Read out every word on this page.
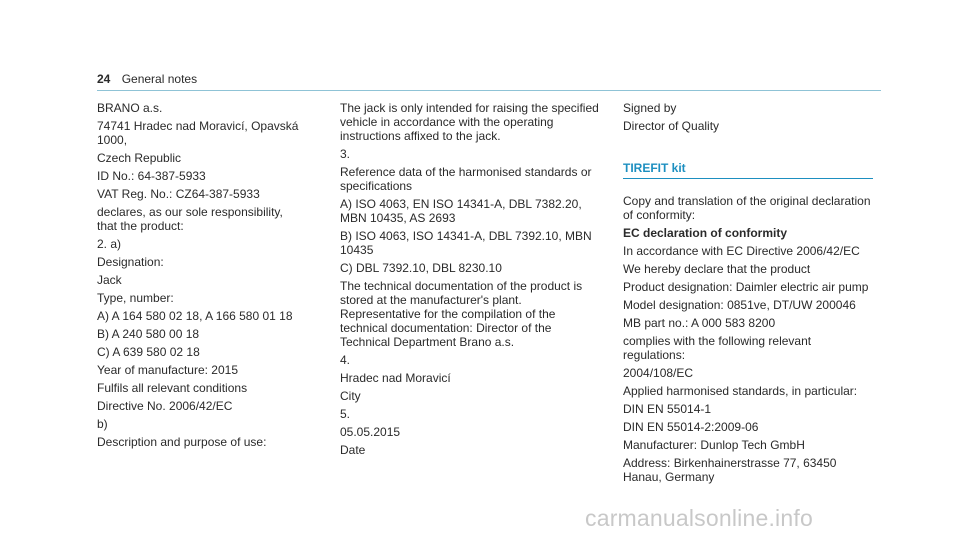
24 General notes

BRANO a.s.

74741 Hradec nad Moravicí, Opavská 1000,

Czech Republic

ID No.: 64-387-5933

VAT Reg. No.: CZ64-387-5933

declares, as our sole responsibility, that the product:

2. a)

Designation:

Jack

Type, number:

A) A 164 580 02 18, A 166 580 01 18

B) A 240 580 00 18

C) A 639 580 02 18

Year of manufacture: 2015

Fulfils all relevant conditions

Directive No. 2006/42/EC

b)

Description and purpose of use:

The jack is only intended for raising the specified vehicle in accordance with the operating instructions affixed to the jack.

3.

Reference data of the harmonised standards or specifications

A) ISO 4063, EN ISO 14341-A, DBL 7382.20, MBN 10435, AS 2693

B) ISO 4063, ISO 14341-A, DBL 7392.10, MBN 10435

C) DBL 7392.10, DBL 8230.10

The technical documentation of the product is stored at the manufacturer's plant. Representative for the compilation of the technical documentation: Director of the Technical Department Brano a.s.

4.

Hradec nad Moravicí

City

5.

05.05.2015

Date

Signed by

Director of Quality

TIREFIT kit

Copy and translation of the original declaration of conformity:

EC declaration of conformity

In accordance with EC Directive 2006/42/EC

We hereby declare that the product

Product designation: Daimler electric air pump

Model designation: 0851ve, DT/UW 200046

MB part no.: A 000 583 8200

complies with the following relevant regulations:

2004/108/EC

Applied harmonised standards, in particular:

DIN EN 55014-1

DIN EN 55014-2:2009-06

Manufacturer: Dunlop Tech GmbH

Address: Birkenhainerstrasse 77, 63450 Hanau, Germany

carmanualsonline.info
